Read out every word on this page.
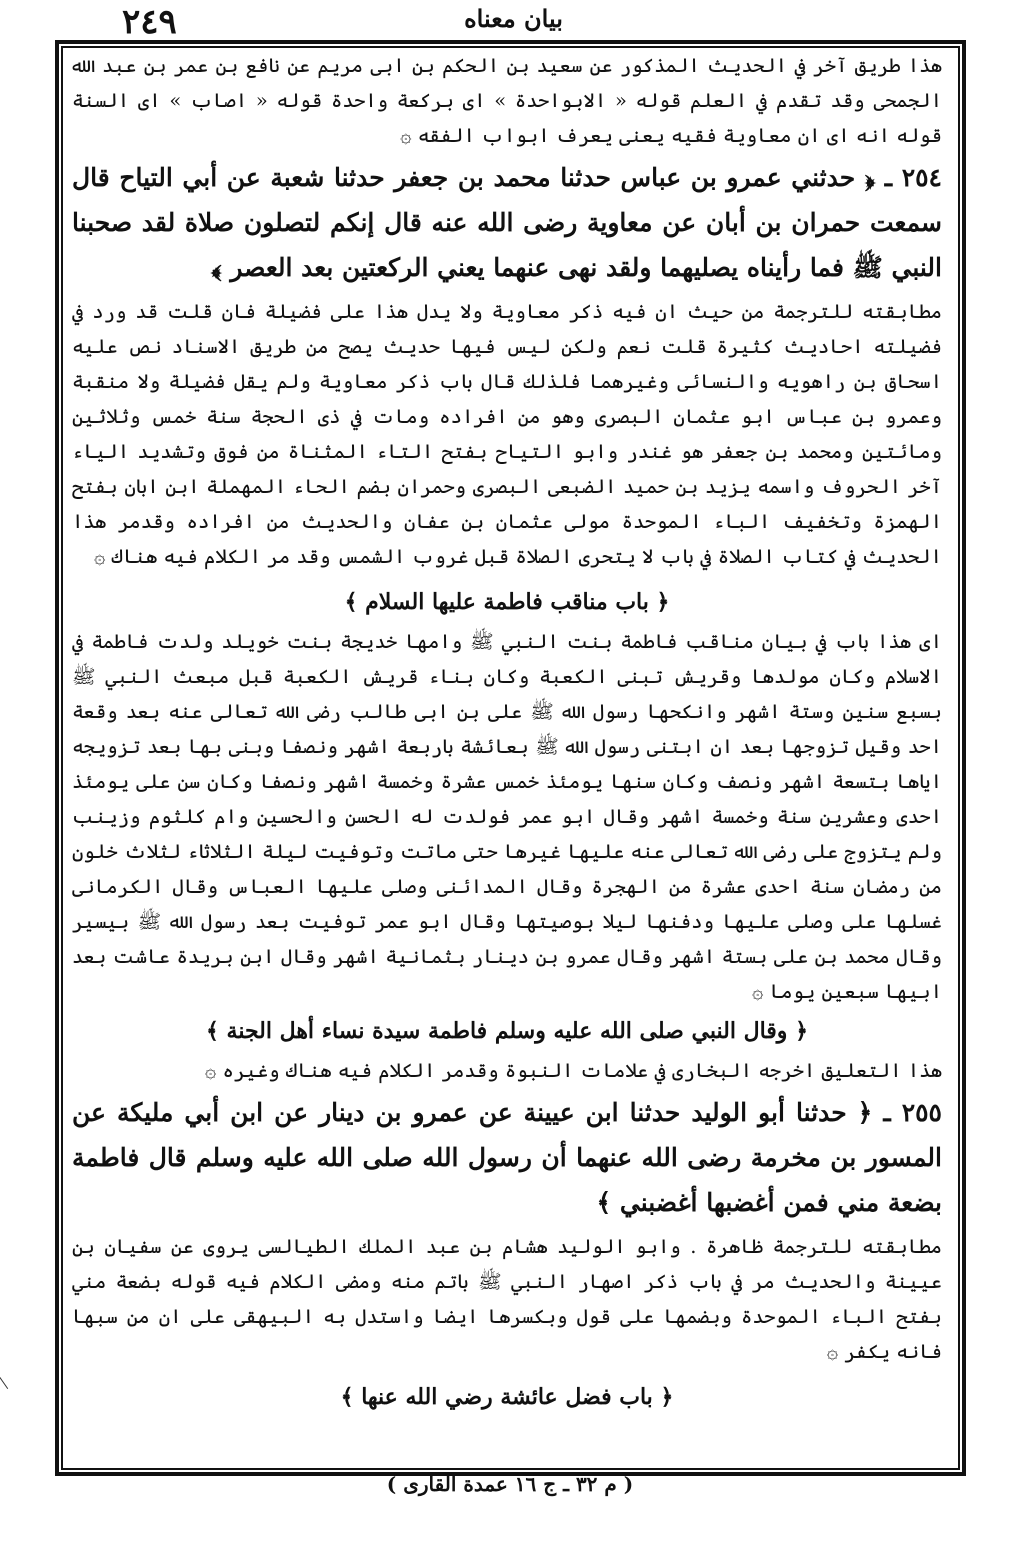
٢٤٩	بيان معناه

هذا طريق آخر في الحديث المذكور عن سعيد بن الحكم بن ابى مريم عن نافع بن عمر بن عبد الله الجمحى وقد تقدم في العلم قوله « الابواحدة » اى بركعة واحدة قوله « اصاب » اى السنة قوله انه اى ان معاوية فقيه يعنى يعرف ابواب الفقه ۞

٢٥٤ ـ ﴿ حدثني عمرو بن عباس حدثنا محمد بن جعفر حدثنا شعبة عن أبي التياح قال سمعت حمران بن أبان عن معاوية رضى الله عنه قال إنكم لتصلون صلاة لقد صحبنا النبي ﷺ فما رأيناه يصليهما ولقد نهى عنهما يعني الركعتين بعد العصر ﴾

مطابقته للترجمة من حيث ان فيه ذكر معاوية ولا يدل هذا على فضيلة فان قلت قد ورد في فضيلته احاديث كثيرة قلت نعم ولكن ليس فيها حديث يصح من طريق الاسناد نص عليه اسحاق بن راهويه والنسائى وغيرهما فلذلك قال باب ذكر معاوية ولم يقل فضيلة ولا منقبة وعمرو بن عباس ابو عثمان البصرى وهو من افراده ومات في ذى الحجة سنة خمس وثلاثين ومائتين ومحمد بن جعفر هو غندر وابو التياح بفتح التاء المثناة من فوق وتشديد الياء آخر الحروف واسمه يزيد بن حميد الضبعى البصرى وحمران بضم الحاء المهملة ابن ابان بفتح الهمزة وتخفيف الباء الموحدة مولى عثمان بن عفان والحديث من افراده وقدمر هذا الحديث في كتاب الصلاة في باب لا يتحرى الصلاة قبل غروب الشمس وقد مر الكلام فيه هناك ۞

﴿ باب مناقب فاطمة عليها السلام ﴾

اى هذا باب في بيان مناقب فاطمة بنت النبي ﷺ وامها خديجة بنت خويلد ولدت فاطمة في الاسلام وكان مولدها وقريش تبنى الكعبة وكان بناء قريش الكعبة قبل مبعث النبي ﷺ بسبع سنين وستة اشهر وانكحها رسول الله ﷺ على بن ابى طالب رضى الله تعالى عنه بعد وقعة احد وقيل تزوجها بعد ان ابتنى رسول الله ﷺ بعائشة باربعة اشهر ونصفا وبنى بها بعد تزويجه اياها بتسعة اشهر ونصف وكان سنها يومئذ خمس عشرة وخمسة اشهر ونصفا وكان سن على يومئذ احدى وعشرين سنة وخمسة اشهر وقال ابو عمر فولدت له الحسن والحسين وام كلثوم وزينب ولم يتزوج على رضى الله تعالى عنه عليها غيرها حتى ماتت وتوفيت ليلة الثلاثاء لثلاث خلون من رمضان سنة احدى عشرة من الهجرة وقال المدائنى وصلى عليها العباس وقال الكرمانى غسلها على وصلى عليها ودفنها ليلا بوصيتها وقال ابو عمر توفيت بعد رسول الله ﷺ بيسير وقال محمد بن على بستة اشهر وقال عمرو بن دينار بثمانية اشهر وقال ابن بريدة عاشت بعد ابيها سبعين يوما ۞

﴿ وقال النبي صلى الله عليه وسلم فاطمة سيدة نساء أهل الجنة ﴾

هذا التعليق اخرجه البخارى في علامات النبوة وقدمر الكلام فيه هناك وغيره ۞

٢٥٥ ـ ﴿ حدثنا أبو الوليد حدثنا ابن عيينة عن عمرو بن دينار عن ابن أبي مليكة عن المسور بن مخرمة رضى الله عنهما أن رسول الله صلى الله عليه وسلم قال فاطمة بضعة مني فمن أغضبها أغضبني ﴾

مطابقته للترجمة ظاهرة . وابو الوليد هشام بن عبد الملك الطيالسى يروى عن سفيان بن عيينة والحديث مر في باب ذكر اصهار النبي ﷺ باتم منه ومضى الكلام فيه قوله بضعة مني بفتح الباء الموحدة وبضمها على قول وبكسرها ايضا واستدل به البيهقى على ان من سبها فانه يكفر ۞

﴿ باب فضل عائشة رضي الله عنها ﴾
( م ٣٢ ـ ج ١٦ عمدة القارى )
